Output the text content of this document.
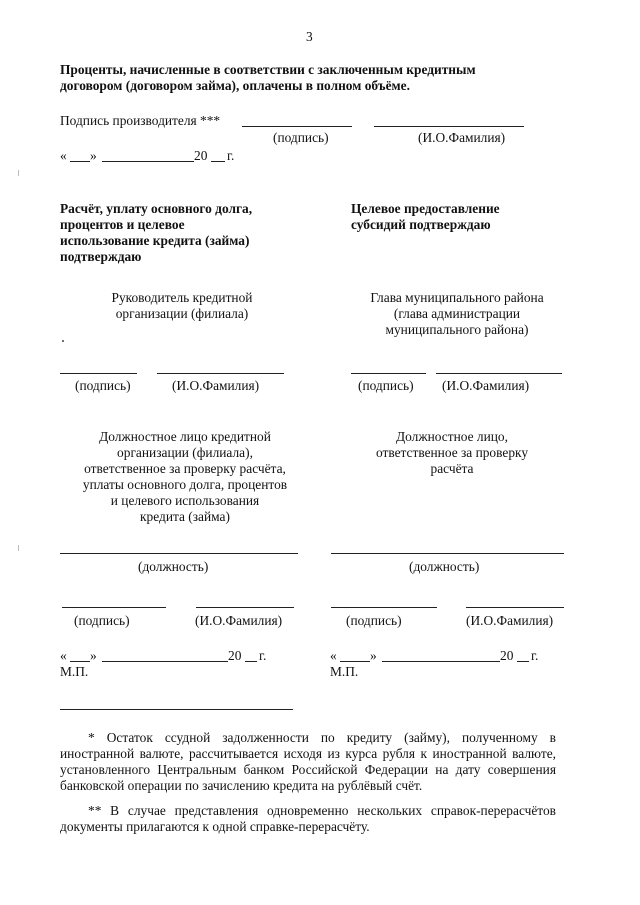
3
Проценты, начисленные в соответствии с заключенным кредитным
договором (договором займа), оплачены в полном объёме.
Подпись производителя ***
(подпись)	(И.О.Фамилия)
« »	20 г.
Расчёт, уплату основного долга,
процентов и целевое
использование кредита (займа)
подтверждаю
Целевое предоставление
субсидий подтверждаю
Руководитель кредитной
организации (филиала)
Глава муниципального района
(глава администрации
муниципального района)
(подпись)	(И.О.Фамилия)	(подпись) (И.О.Фамилия)
Должностное лицо кредитной
организации (филиала),
ответственное за проверку расчёта,
уплаты основного долга, процентов
и целевого использования
кредита (займа)
Должностное лицо,
ответственное за проверку
расчёта
(должность)	(должность)
(подпись)	(И.О.Фамилия)	(подпись)	(И.О.Фамилия)
« »	20 г.
М.П.
« »	20 г.
М.П.
* Остаток ссудной задолженности по кредиту (займу), полученному в иностранной валюте, рассчитывается исходя из курса рубля к иностранной валюте, установленного Центральным банком Российской Федерации на дату совершения банковской операции по зачислению кредита на рублёвый счёт.
** В случае представления одновременно нескольких справок-перерасчётов документы прилагаются к одной справке-перерасчёту.
